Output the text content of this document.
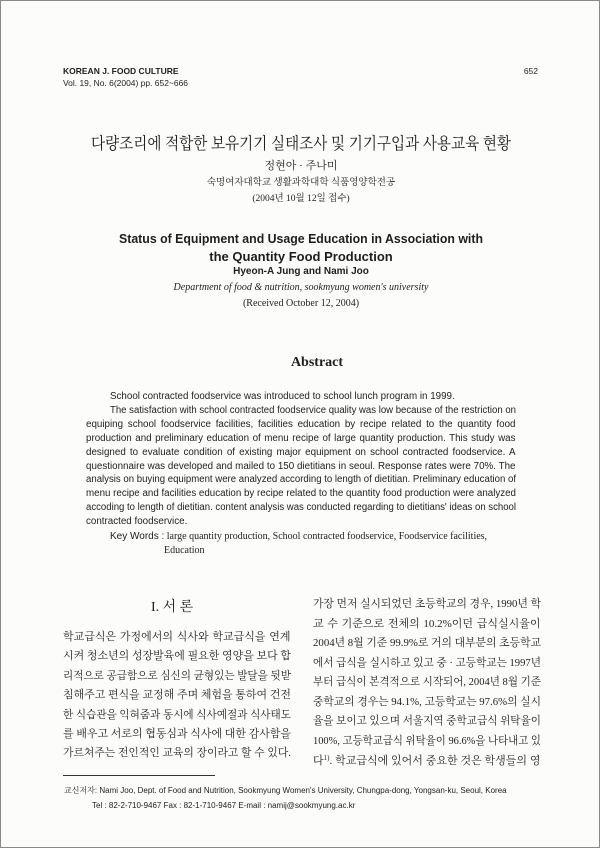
KOREAN J. FOOD CULTURE	652
Vol. 19, No. 6(2004) pp. 652~666
다량조리에 적합한 보유기기 실태조사 및 기기구입과 사용교육 현황
정현아 · 주나미
숙명여자대학교 생활과학대학 식품영양학전공
(2004년 10월 12일 접수)
Status of Equipment and Usage Education in Association with
the Quantity Food Production
Hyeon-A Jung and Nami Joo
Department of food & nutrition, sookmyung women's university
(Received October 12, 2004)
Abstract
School contracted foodservice was introduced to school lunch program in 1999.
The satisfaction with school contracted foodservice quality was low because of the restriction on
equiping school foodservice facilities, facilities education by recipe related to the quantity food
production and preliminary education of menu recipe of large quantity production. This study was
designed to evaluate condition of existing major equipment on school contracted foodservice. A
questionnaire was developed and mailed to 150 dietitians in seoul. Response rates were 70%. The
analysis on buying equipment were analyzed according to length of dietitian. Preliminary education of
menu recipe and facilities education by recipe related to the quantity food production were analyzed
accoding to length of dietitian. content analysis was conducted regarding to dietitians' ideas on school
contracted foodservice.
Key Words : large quantity production, School contracted foodservice, Foodservice facilities,
Education
I. 서 론
학교급식은 가정에서의 식사와 학교급식을 연계
시켜 청소년의 성장발육에 필요한 영양을 보다 합
리적으로 공급함으로 심신의 균형있는 발달을 뒷받
침해주고 편식을 교정해 주며 체험을 통하여 건전
한 식습관을 익혀줌과 동시에 식사예절과 식사태도
를 배우고 서로의 협동심과 식사에 대한 감사함을
가르쳐주는 전인적인 교육의 장이라고 할 수 있다.
가장 먼저 실시되었던 초등학교의 경우, 1990년 학
교 수 기준으로 전체의 10.2%이던 급식실시율이
2004년 8월 기준 99.9%로 거의 대부분의 초등학교
에서 급식을 실시하고 있고 중 · 고등학교는 1997년
부터 급식이 본격적으로 시작되어, 2004년 8월 기준
중학교의 경우는 94.1%, 고등학교는 97.6%의 실시
율을 보이고 있으며 서울지역 중학교급식 위탁율이
100%, 고등학교급식 위탁율이 96.6%을 나타내고 있
다$^{1)}$. 학교급식에 있어서 중요한 것은 학생들의 영
교신저자: Nami Joo, Dept. of Food and Nutrition, Sookmyung Women's University, Chungpa-dong, Yongsan-ku, Seoul, Korea
Tel : 82-2-710-9467 Fax : 82-1-710-9467 E-mail : namij@sookmyung.ac.kr
